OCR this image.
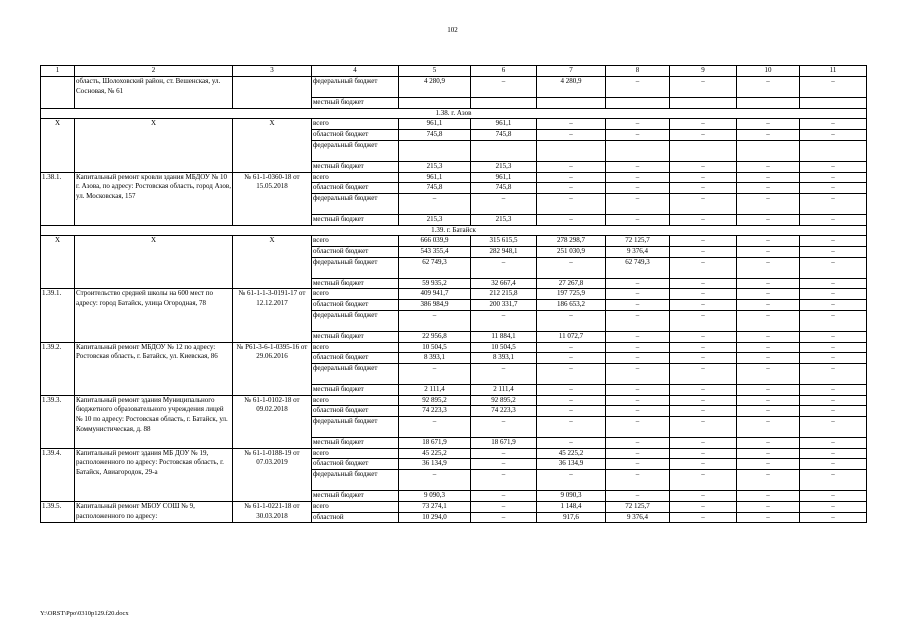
102
1	2	3	4	5	6	7	8	9	10	11
	область, Шолоховский район, ст. Вешенская, ул. Сосновая, № 61		федеральный бюджет	4 280,9	–	4 280,9	–	–	–	–
			местный бюджет							
1.38. г. Азов										
Х	Х	Х	всего	961,1	961,1	–	–	–	–	–
			областной бюджет	745,8	745,8	–	–	–	–	–
			федеральный бюджет							
			местный бюджет	215,3	215,3	–	–	–	–	–
1.38.1.	Капитальный ремонт кровли здания МБДОУ № 10 г. Азова, по адресу: Ростовская область, город Азов, ул. Московская, 157	№ 61-1-0360-18 от 15.05.2018	всего	961,1	961,1	–	–	–	–	–
			областной бюджет	745,8	745,8	–	–	–	–	–
			федеральный бюджет	–	–	–	–	–	–	–
			местный бюджет	215,3	215,3	–	–	–	–	–
1.39. г. Батайск										
Х	Х	Х	всего	666 039,9	315 615,5	278 298,7	72 125,7	–	–	–
			областной бюджет	543 355,4	282 948,1	251 030,9	9 376,4	–	–	–
			федеральный бюджет	62 749,3	–	–	62 749,3	–	–	–
			местный бюджет	59 935,2	32 667,4	27 267,8	–	–	–	–
1.39.1.	Строительство средней школы на 600 мест по адресу: город Батайск, улица Огородная, 78	№ 61-1-1-3-0191-17 от 12.12.2017	всего	409 941,7	212 215,8	197 725,9	–	–	–	–
			областной бюджет	386 984,9	200 331,7	186 653,2	–	–	–	–
			федеральный бюджет	–	–	–	–	–	–	–
			местный бюджет	22 956,8	11 884,1	11 072,7	–	–	–	–
1.39.2.	Капитальный ремонт МБДОУ № 12 по адресу: Ростовская область, г. Батайск, ул. Киевская, 86	№ Р61-3-6-1-0395-16 от 29.06.2016	всего	10 504,5	10 504,5	–	–	–	–	–
			областной бюджет	8 393,1	8 393,1	–	–	–	–	–
			федеральный бюджет	–	–	–	–	–	–	–
			местный бюджет	2 111,4	2 111,4	–	–	–	–	–
1.39.3.	Капитальный ремонт здания Муниципального бюджетного образовательного учреждения лицей № 10 по адресу: Ростовская область, г. Батайск, ул. Коммунистическая, д. 88	№ 61-1-0102-18 от 09.02.2018	всего	92 895,2	92 895,2	–	–	–	–	–
			областной бюджет	74 223,3	74 223,3	–	–	–	–	–
			федеральный бюджет	–	–	–	–	–	–	–
			местный бюджет	18 671,9	18 671,9	–	–	–	–	–
1.39.4.	Капитальный ремонт здания МБ ДОУ № 19, расположенного по адресу: Ростовская область, г. Батайск, Авиагородок, 29-а	№ 61-1-0188-19 от 07.03.2019	всего	45 225,2	–	45 225,2	–	–	–	–
			областной бюджет	36 134,9	–	36 134,9	–	–	–	–
			федеральный бюджет	–	–	–	–	–	–	–
			местный бюджет	9 090,3	–	9 090,3	–	–	–	–
1.39.5.	Капитальный ремонт МБОУ СОШ № 9, расположенного по адресу:	№ 61-1-0221-18 от 30.03.2018	всего	73 274,1	–	1 148,4	72 125,7	–	–	–
			областной	10 294,0	–	917,6	9 376,4	–	–	–
Y:\ORST\Ppo\0310p129.f20.docx
